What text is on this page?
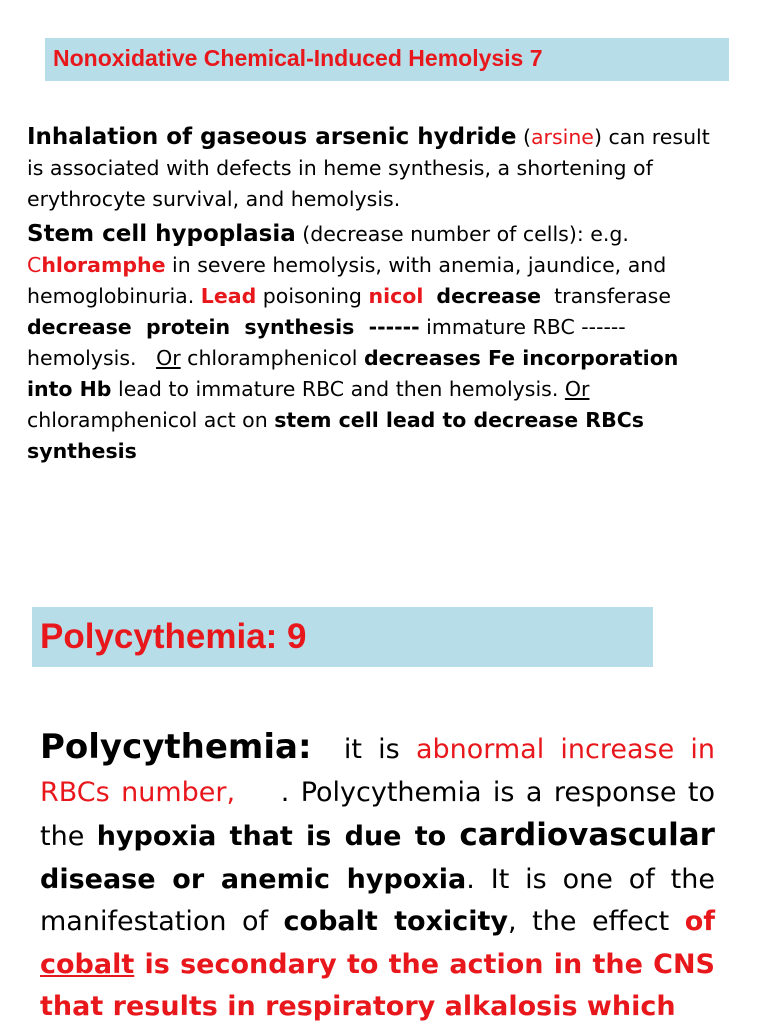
Nonoxidative Chemical-Induced Hemolysis 7

Inhalation of gaseous arsenic hydride (arsine) can result is associated with defects in heme synthesis, a shortening of erythrocyte survival, and hemolysis.

Stem cell hypoplasia (decrease number of cells): e.g.
Chloramphe in severe hemolysis, with anemia, jaundice, and hemoglobinuria. Lead poisoning nicol decrease  transferase decrease  protein  synthesis  ------ immature RBC ------ hemolysis.   Or chloramphenicol decreases Fe incorporation into Hb lead to immature RBC and then hemolysis. Or chloramphenicol act on stem cell lead to decrease RBCs synthesis

Polycythemia: 9

Polycythemia:  it is abnormal increase in RBCs number,    . Polycythemia is a response to the hypoxia that is due to cardiovascular disease or anemic hypoxia. It is one of the manifestation of cobalt toxicity, the effect of cobalt is secondary to the action in the CNS that results in respiratory alkalosis which
